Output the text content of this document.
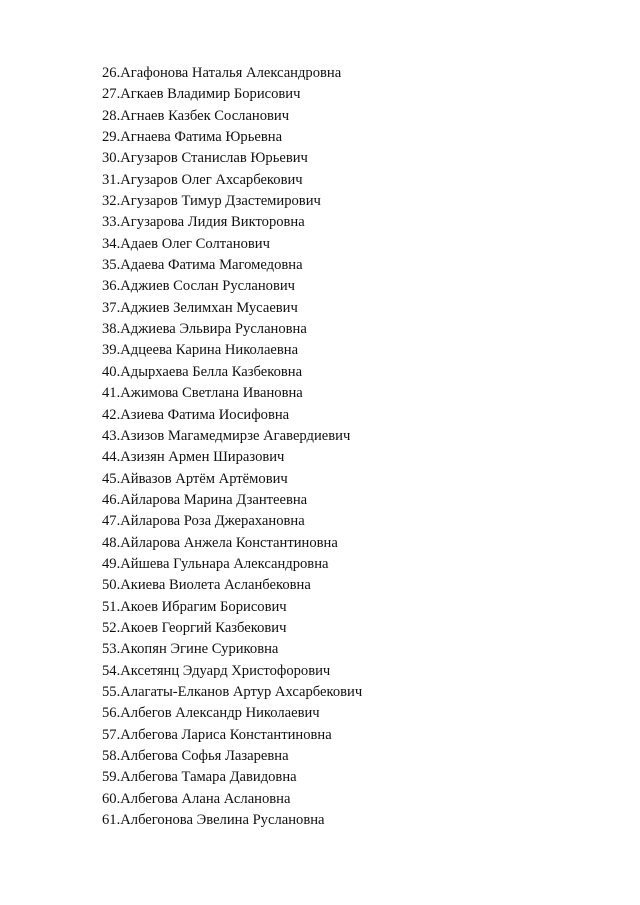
26.Агафонова Наталья Александровна
27.Агкаев Владимир Борисович
28.Агнаев Казбек Сосланович
29.Агнаева Фатима Юрьевна
30.Агузаров Станислав Юрьевич
31.Агузаров Олег Ахсарбекович
32.Агузаров Тимур Дзастемирович
33.Агузарова Лидия Викторовна
34.Адаев Олег Солтанович
35.Адаева Фатима Магомедовна
36.Аджиев Сослан Русланович
37.Аджиев Зелимхан Мусаевич
38.Аджиева Эльвира Руслановна
39.Адцеева Карина Николаевна
40.Адырхаева Белла Казбековна
41.Ажимова Светлана Ивановна
42.Азиева Фатима Иосифовна
43.Азизов Магамедмирзе Агавердиевич
44.Азизян Армен Ширазович
45.Айвазов Артём Артёмович
46.Айларова Марина Дзантеевна
47.Айларова Роза Джерахановна
48.Айларова Анжела Константиновна
49.Айшева Гульнара Александровна
50.Акиева Виолета Асланбековна
51.Акоев Ибрагим Борисович
52.Акоев Георгий Казбекович
53.Акопян Эгине Суриковна
54.Аксетянц Эдуард Христофорович
55.Алагаты-Елканов Артур Ахсарбекович
56.Албегов Александр Николаевич
57.Албегова Лариса Константиновна
58.Албегова Софья Лазаревна
59.Албегова Тамара Давидовна
60.Албегова Алана Аслановна
61.Албегонова Эвелина Руслановна
